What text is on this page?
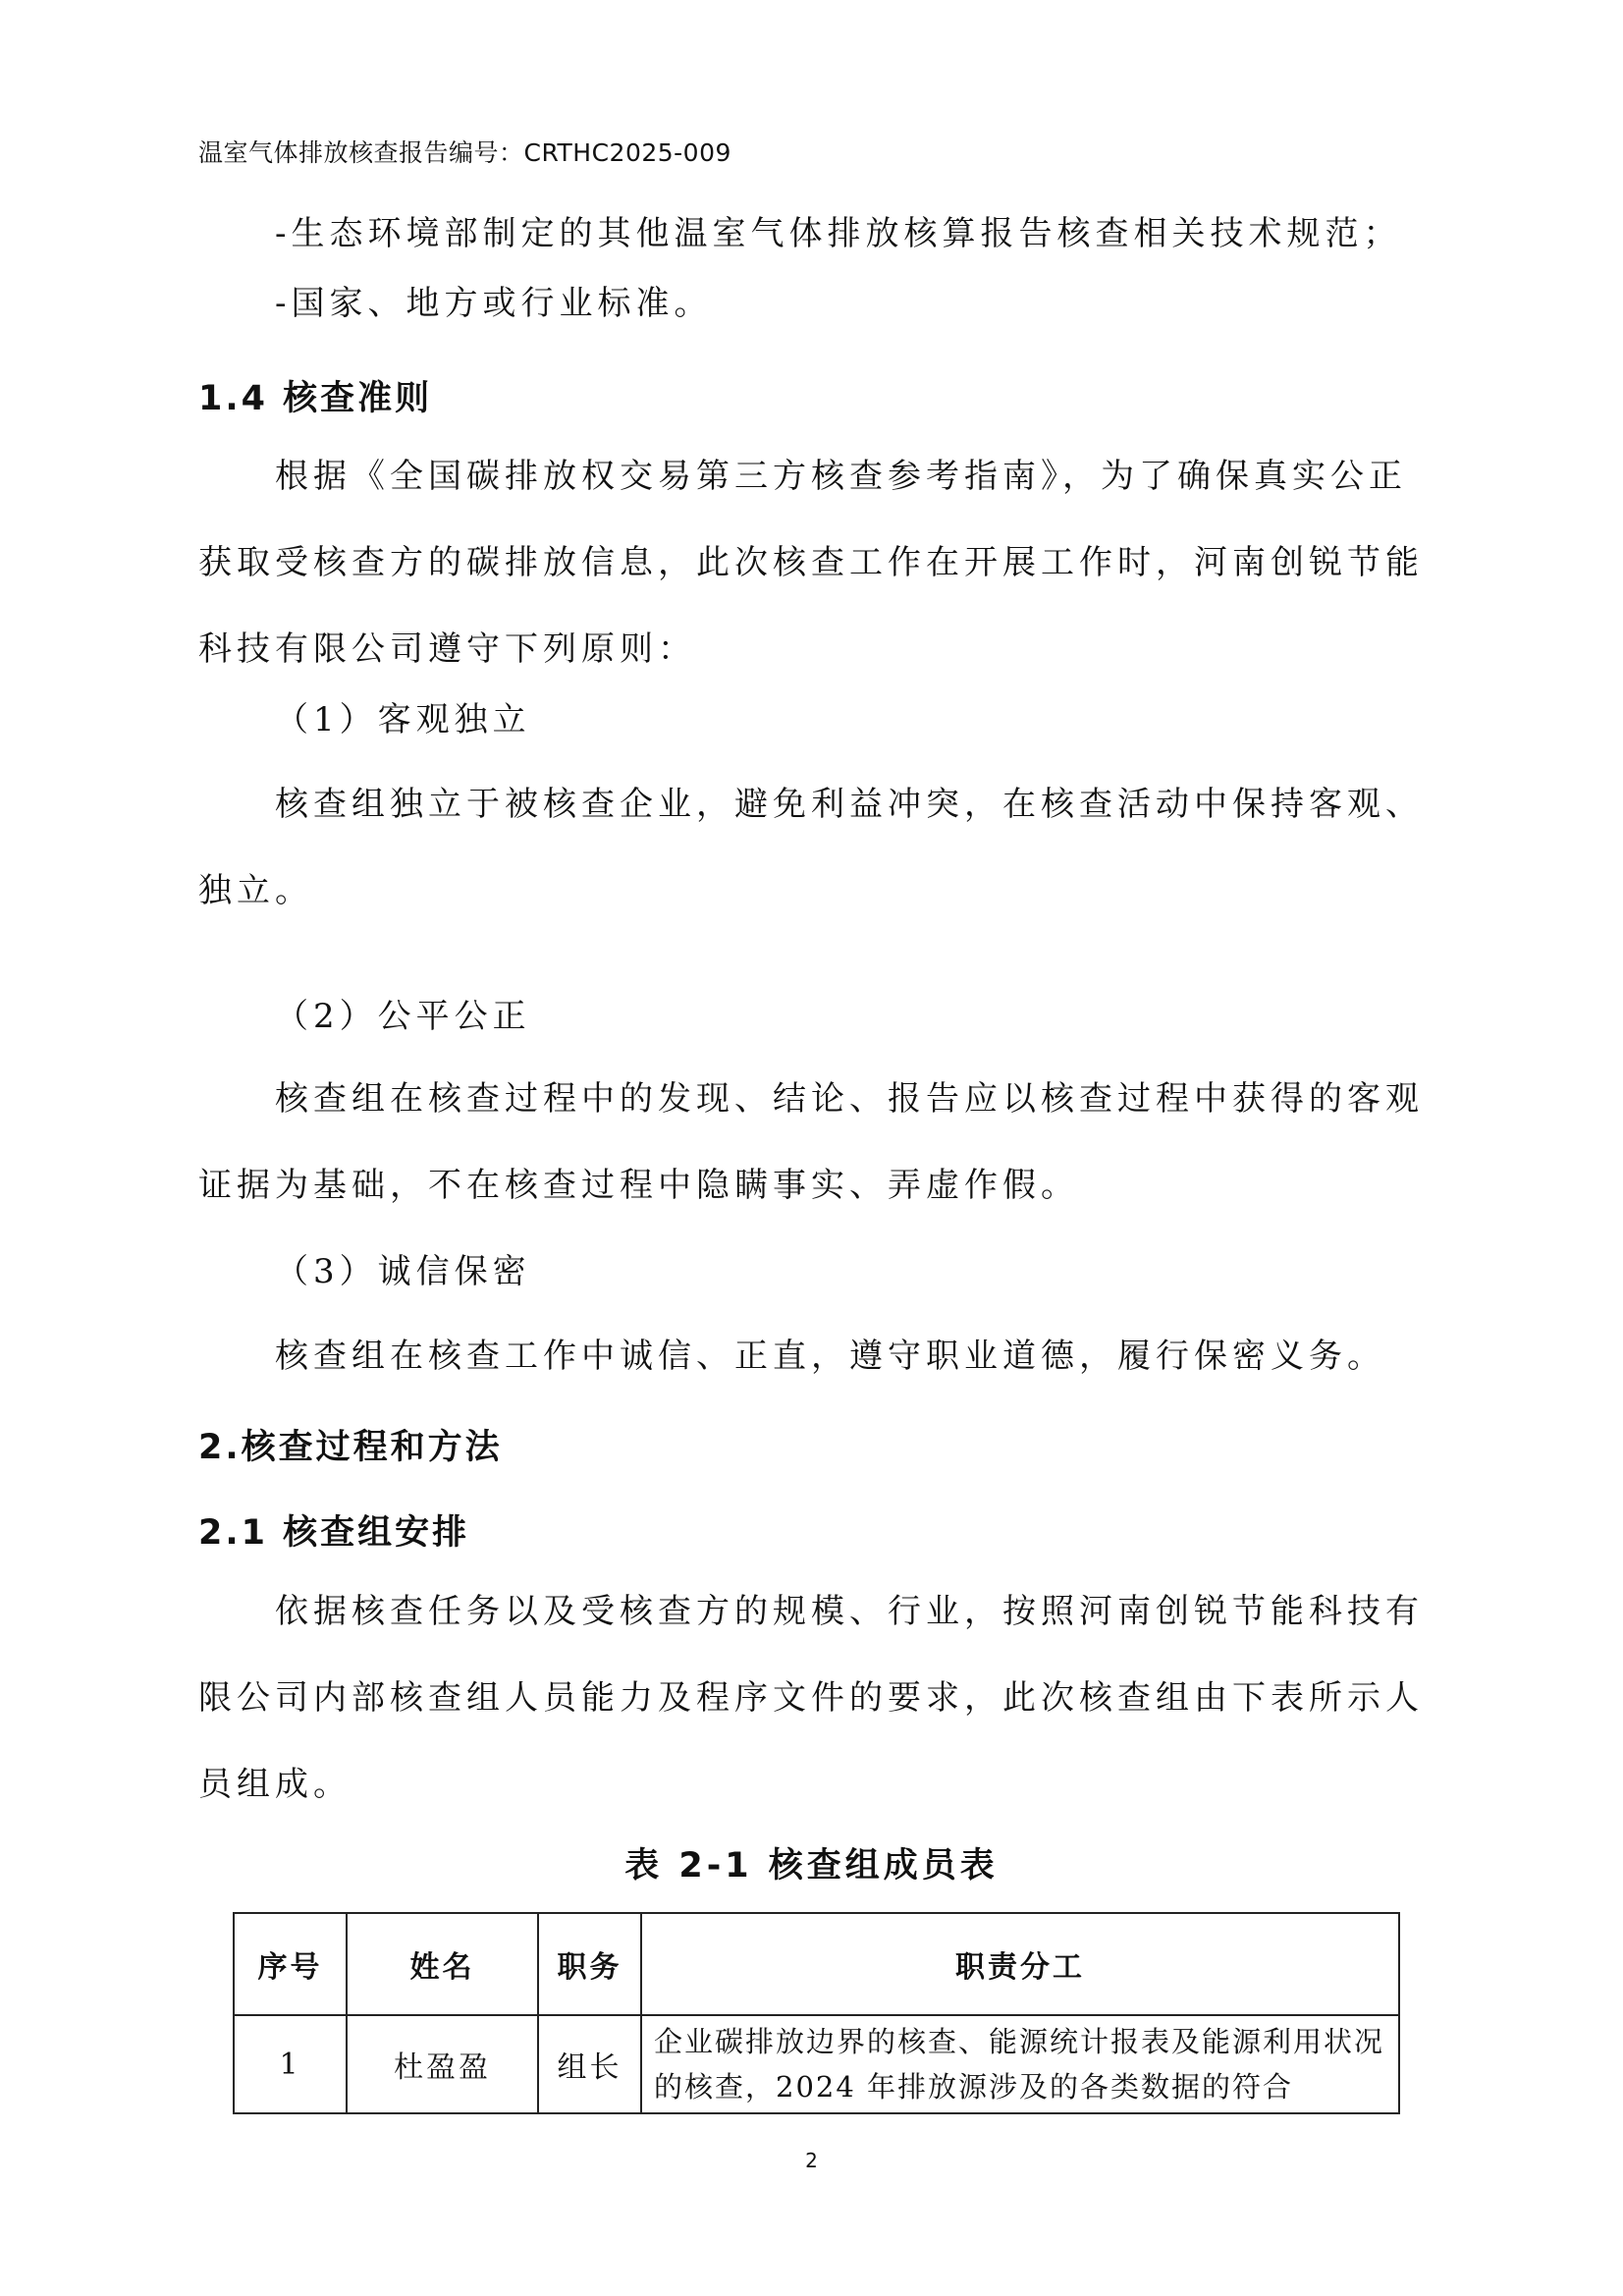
温室气体排放核查报告编号：CRTHC2025-009
-生态环境部制定的其他温室气体排放核算报告核查相关技术规范；
-国家、地方或行业标准。
1.4 核查准则
根据《全国碳排放权交易第三方核查参考指南》，为了确保真实公正获取受核查方的碳排放信息，此次核查工作在开展工作时，河南创锐节能科技有限公司遵守下列原则：
（1）客观独立
核查组独立于被核查企业，避免利益冲突，在核查活动中保持客观、独立。
（2）公平公正
核查组在核查过程中的发现、结论、报告应以核查过程中获得的客观证据为基础，不在核查过程中隐瞒事实、弄虚作假。
（3）诚信保密
核查组在核查工作中诚信、正直，遵守职业道德，履行保密义务。
2.核查过程和方法
2.1 核查组安排
依据核查任务以及受核查方的规模、行业，按照河南创锐节能科技有限公司内部核查组人员能力及程序文件的要求，此次核查组由下表所示人员组成。
表 2-1 核查组成员表
序号	姓名	职务	职责分工
1	杜盈盈	组长	企业碳排放边界的核查、能源统计报表及能源利用状况的核查，2024 年排放源涉及的各类数据的符合
2
